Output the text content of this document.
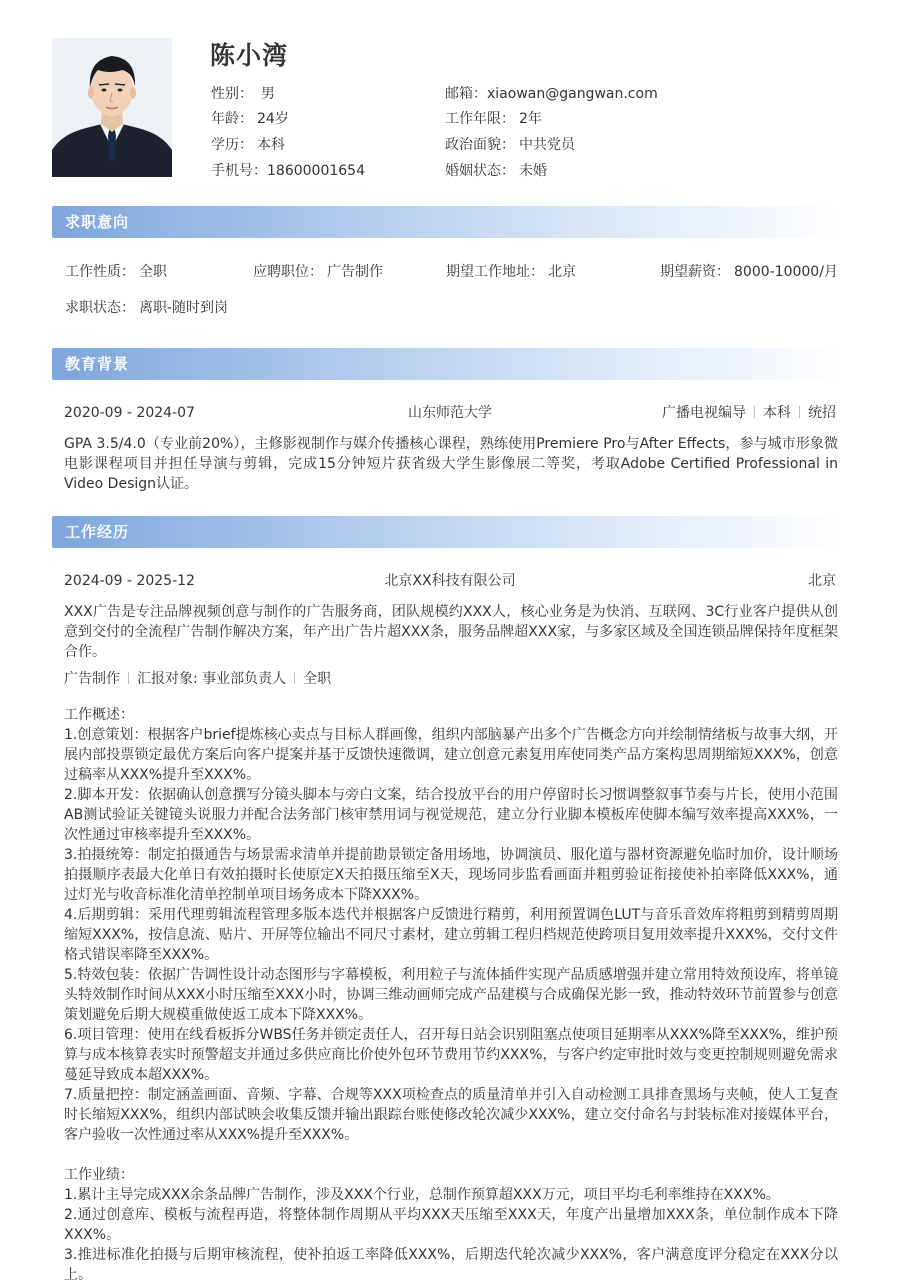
陈小湾
性别： 男	邮箱：xiaowan@gangwan.com
年龄： 24岁	工作年限： 2年
学历： 本科	政治面貌： 中共党员
手机号：18600001654	婚姻状态： 未婚
求职意向
工作性质： 全职	应聘职位： 广告制作	期望工作地址： 北京	期望薪资： 8000-10000/月
求职状态： 离职-随时到岗
教育背景
2020-09 - 2024-07	山东师范大学	广播电视编导 本科 统招
GPA 3.5/4.0（专业前20%），主修影视制作与媒介传播核心课程，熟练使用Premiere Pro与After Effects，参与城市形象微电影课程项目并担任导演与剪辑，完成15分钟短片获省级大学生影像展二等奖，考取Adobe Certified Professional in Video Design认证。
工作经历
2024-09 - 2025-12	北京XX科技有限公司	北京
XXX广告是专注品牌视频创意与制作的广告服务商，团队规模约XXX人，核心业务是为快消、互联网、3C行业客户提供从创意到交付的全流程广告制作解决方案，年产出广告片超XXX条，服务品牌超XXX家，与多家区域及全国连锁品牌保持年度框架合作。
广告制作 汇报对象: 事业部负责人 全职
工作概述：
1.创意策划：根据客户brief提炼核心卖点与目标人群画像，组织内部脑暴产出多个广告概念方向并绘制情绪板与故事大纲，开展内部投票锁定最优方案后向客户提案并基于反馈快速微调，建立创意元素复用库使同类产品方案构思周期缩短XXX%，创意过稿率从XXX%提升至XXX%。
2.脚本开发：依据确认创意撰写分镜头脚本与旁白文案，结合投放平台的用户停留时长习惯调整叙事节奏与片长，使用小范围AB测试验证关键镜头说服力并配合法务部门核审禁用词与视觉规范，建立分行业脚本模板库使脚本编写效率提高XXX%，一次性通过审核率提升至XXX%。
3.拍摄统筹：制定拍摄通告与场景需求清单并提前勘景锁定备用场地，协调演员、服化道与器材资源避免临时加价，设计顺场拍摄顺序表最大化单日有效拍摄时长使原定X天拍摄压缩至X天，现场同步监看画面并粗剪验证衔接使补拍率降低XXX%，通过灯光与收音标准化清单控制单项目场务成本下降XXX%。
4.后期剪辑：采用代理剪辑流程管理多版本迭代并根据客户反馈进行精剪，利用预置调色LUT与音乐音效库将粗剪到精剪周期缩短XXX%，按信息流、贴片、开屏等位输出不同尺寸素材，建立剪辑工程归档规范使跨项目复用效率提升XXX%，交付文件格式错误率降至XXX%。
5.特效包装：依据广告调性设计动态图形与字幕模板，利用粒子与流体插件实现产品质感增强并建立常用特效预设库，将单镜头特效制作时间从XXX小时压缩至XXX小时，协调三维动画师完成产品建模与合成确保光影一致，推动特效环节前置参与创意策划避免后期大规模重做使返工成本下降XXX%。
6.项目管理：使用在线看板拆分WBS任务并锁定责任人，召开每日站会识别阻塞点使项目延期率从XXX%降至XXX%，维护预算与成本核算表实时预警超支并通过多供应商比价使外包环节费用节约XXX%，与客户约定审批时效与变更控制规则避免需求蔓延导致成本超XXX%。
7.质量把控：制定涵盖画面、音频、字幕、合规等XXX项检查点的质量清单并引入自动检测工具排查黑场与夹帧，使人工复查时长缩短XXX%，组织内部试映会收集反馈并输出跟踪台账使修改轮次减少XXX%，建立交付命名与封装标准对接媒体平台，客户验收一次性通过率从XXX%提升至XXX%。
工作业绩：
1.累计主导完成XXX余条品牌广告制作，涉及XXX个行业，总制作预算超XXX万元，项目平均毛利率维持在XXX%。
2.通过创意库、模板与流程再造，将整体制作周期从平均XXX天压缩至XXX天，年度产出量增加XXX条，单位制作成本下降XXX%。
3.推进标准化拍摄与后期审核流程，使补拍返工率降低XXX%，后期迭代轮次减少XXX%，客户满意度评分稳定在XXX分以上。
